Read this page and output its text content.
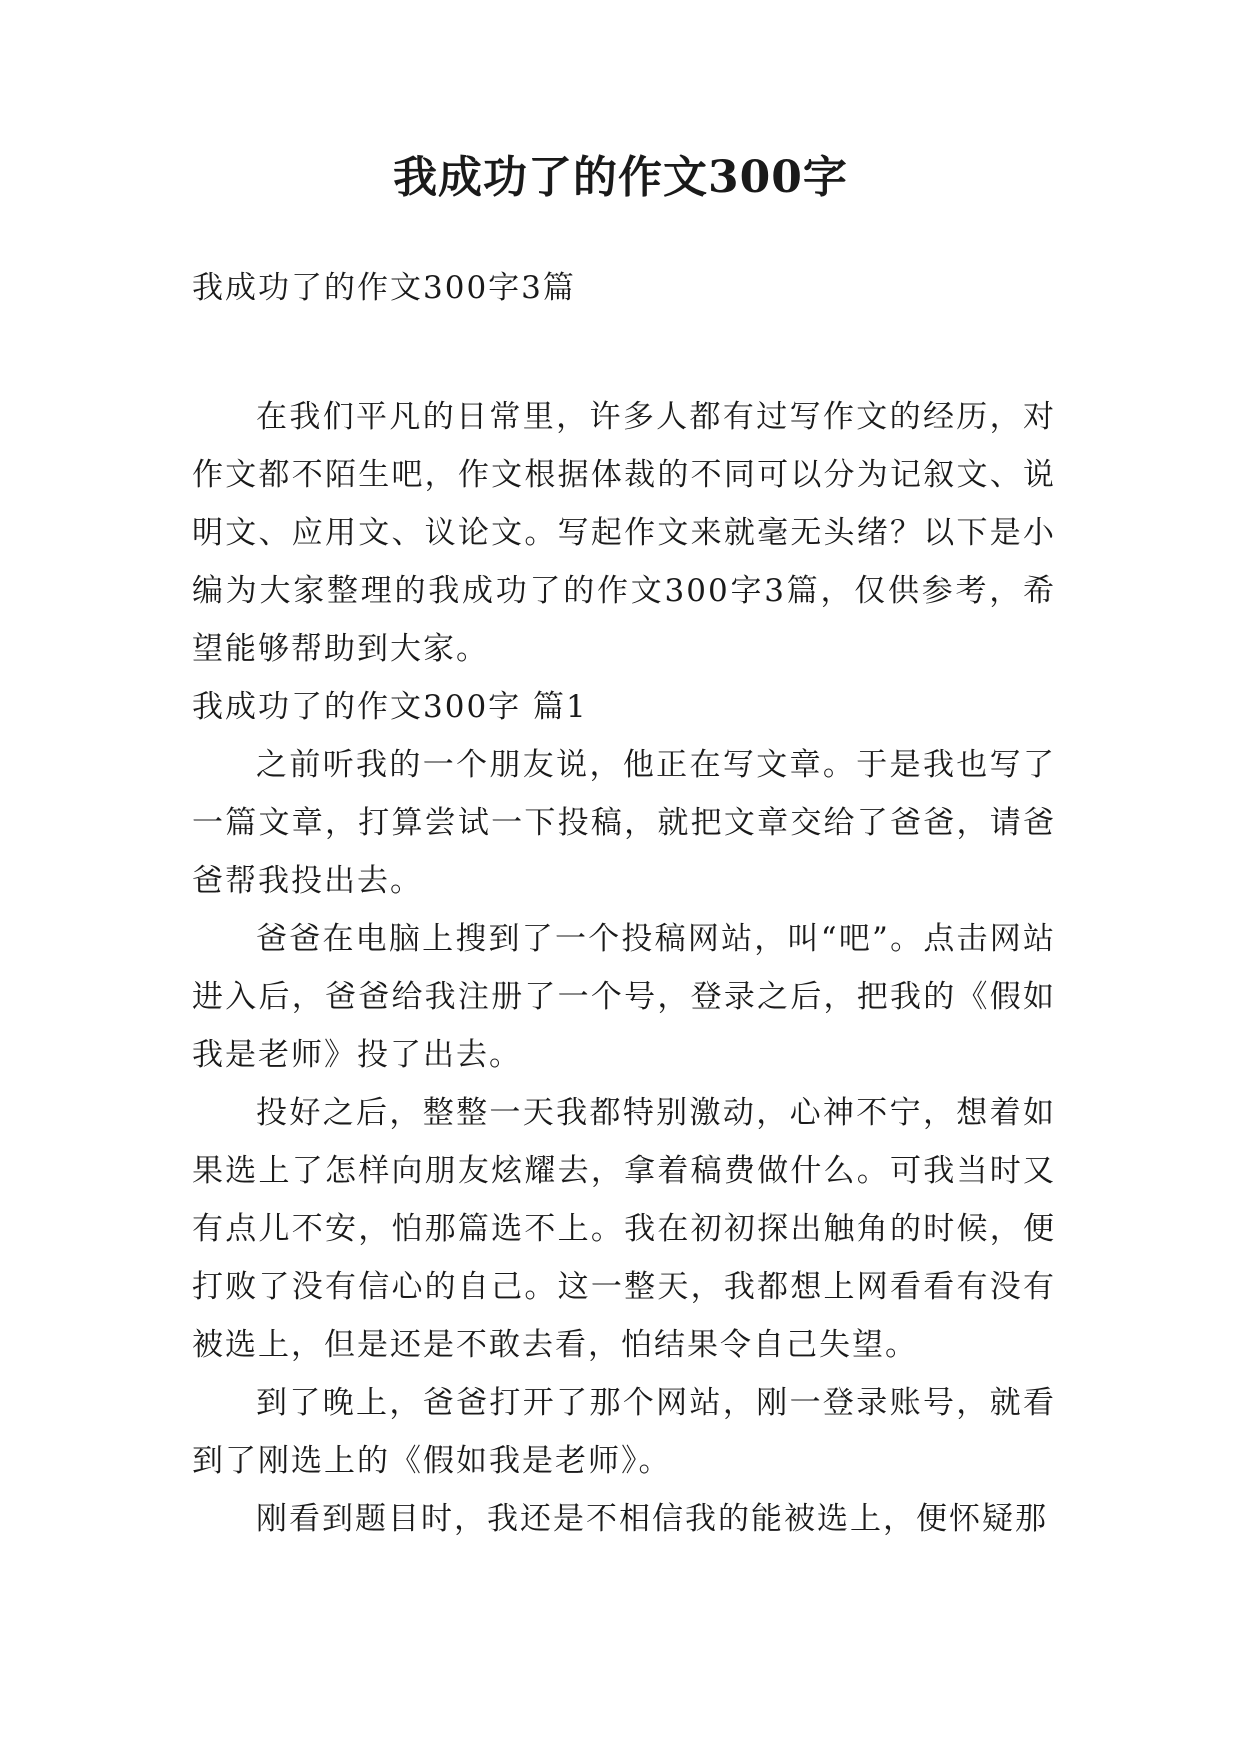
我成功了的作文300字

我成功了的作文300字3篇

在我们平凡的日常里，许多人都有过写作文的经历，对作文都不陌生吧，作文根据体裁的不同可以分为记叙文、说明文、应用文、议论文。写起作文来就毫无头绪？以下是小编为大家整理的我成功了的作文300字3篇，仅供参考，希望能够帮助到大家。

我成功了的作文300字 篇1

之前听我的一个朋友说，他正在写文章。于是我也写了一篇文章，打算尝试一下投稿，就把文章交给了爸爸，请爸爸帮我投出去。

爸爸在电脑上搜到了一个投稿网站，叫“吧”。点击网站进入后，爸爸给我注册了一个号，登录之后，把我的《假如我是老师》投了出去。

投好之后，整整一天我都特别激动，心神不宁，想着如果选上了怎样向朋友炫耀去，拿着稿费做什么。可我当时又有点儿不安，怕那篇选不上。我在初初探出触角的时候，便打败了没有信心的自己。这一整天，我都想上网看看有没有被选上，但是还是不敢去看，怕结果令自己失望。

到了晚上，爸爸打开了那个网站，刚一登录账号，就看到了刚选上的《假如我是老师》。

刚看到题目时，我还是不相信我的能被选上，便怀疑那
